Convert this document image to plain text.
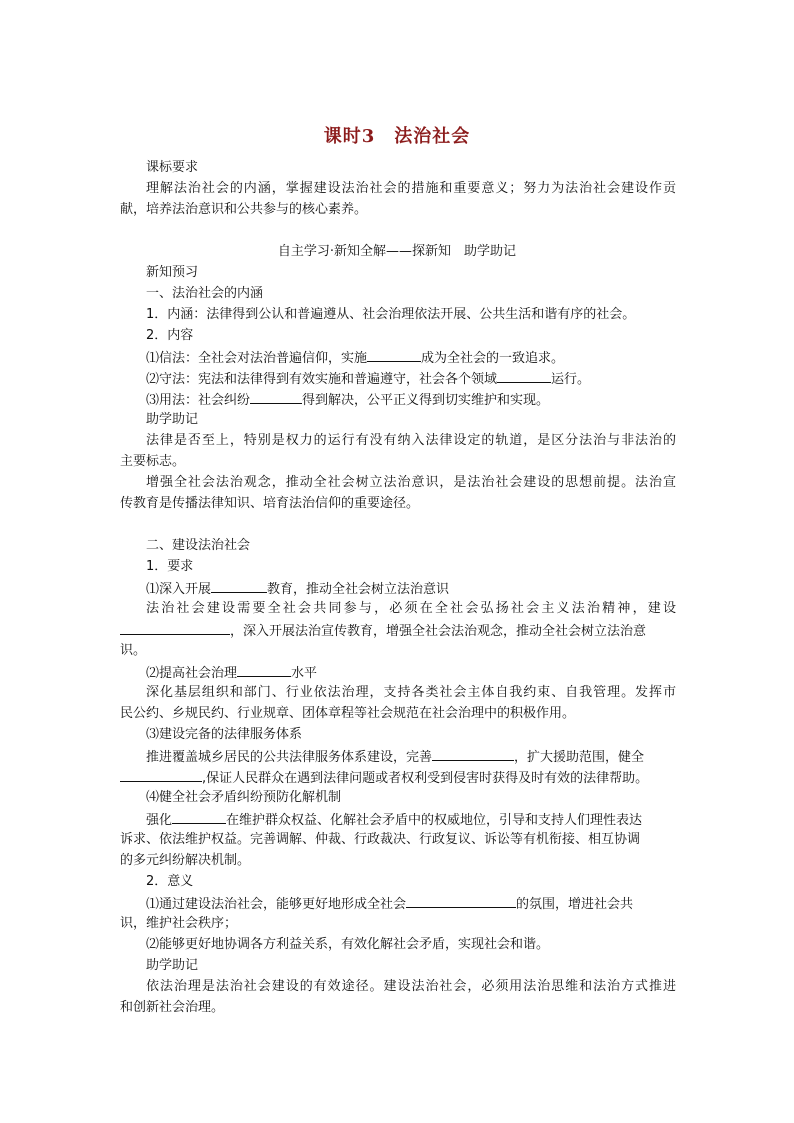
课时3　法治社会
课标要求
理解法治社会的内涵，掌握建设法治社会的措施和重要意义；努力为法治社会建设作贡
献，培养法治意识和公共参与的核心素养。
自主学习·新知全解——探新知　助学助记
新知预习
一、法治社会的内涵
1．内涵：法律得到公认和普遍遵从、社会治理依法开展、公共生活和谐有序的社会。
2．内容
⑴信法：全社会对法治普遍信仰，实施	成为全社会的一致追求。
⑵守法：宪法和法律得到有效实施和普遍遵守，社会各个领域	运行。
⑶用法：社会纠纷	得到解决，公平正义得到切实维护和实现。
助学助记
法律是否至上，特别是权力的运行有没有纳入法律设定的轨道，是区分法治与非法治的
主要标志。
增强全社会法治观念，推动全社会树立法治意识，是法治社会建设的思想前提。法治宣
传教育是传播法律知识、培育法治信仰的重要途径。
二、建设法治社会
1．要求
⑴深入开展	教育，推动全社会树立法治意识
法治社会建设需要全社会共同参与，必须在全社会弘扬社会主义法治精神，建设
，深入开展法治宣传教育，增强全社会法治观念，推动全社会树立法治意
识。
⑵提高社会治理	水平
深化基层组织和部门、行业依法治理，支持各类社会主体自我约束、自我管理。发挥市
民公约、乡规民约、行业规章、团体章程等社会规范在社会治理中的积极作用。
⑶建设完备的法律服务体系
推进覆盖城乡居民的公共法律服务体系建设，完善	，扩大援助范围，健全
,保证人民群众在遇到法律问题或者权利受到侵害时获得及时有效的法律帮助。
⑷健全社会矛盾纠纷预防化解机制
强化	在维护群众权益、化解社会矛盾中的权威地位，引导和支持人们理性表达
诉求、依法维护权益。完善调解、仲裁、行政裁决、行政复议、诉讼等有机衔接、相互协调
的多元纠纷解决机制。
2．意义
⑴通过建设法治社会，能够更好地形成全社会	的氛围，增进社会共
识，维护社会秩序；
⑵能够更好地协调各方利益关系，有效化解社会矛盾，实现社会和谐。
助学助记
依法治理是法治社会建设的有效途径。建设法治社会，必须用法治思维和法治方式推进
和创新社会治理。
